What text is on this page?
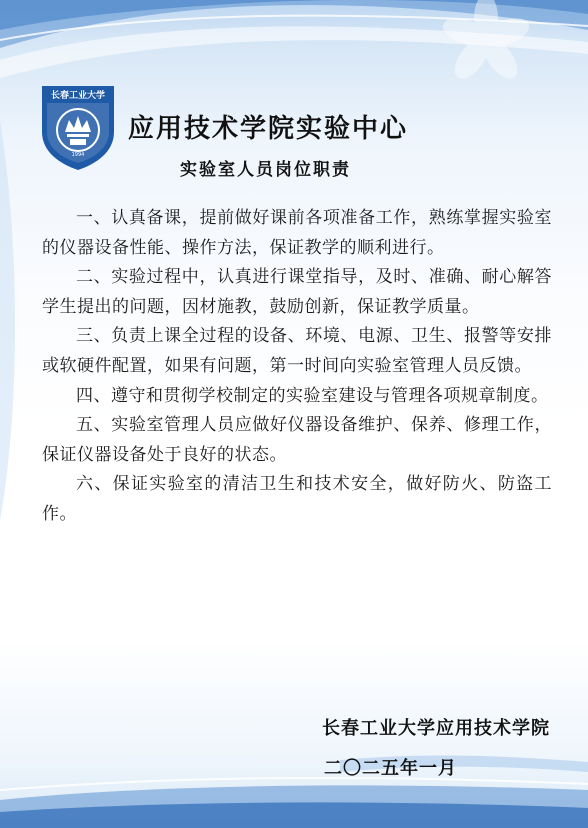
长春工业大学
1994
应用技术学院实验中心
实验室人员岗位职责

一、认真备课，提前做好课前各项准备工作，熟练掌握实验室的仪器设备性能、操作方法，保证教学的顺利进行。

二、实验过程中，认真进行课堂指导，及时、准确、耐心解答学生提出的问题，因材施教，鼓励创新，保证教学质量。

三、负责上课全过程的设备、环境、电源、卫生、报警等安排或软硬件配置，如果有问题，第一时间向实验室管理人员反馈。

四、遵守和贯彻学校制定的实验室建设与管理各项规章制度。

五、实验室管理人员应做好仪器设备维护、保养、修理工作，保证仪器设备处于良好的状态。

六、保证实验室的清洁卫生和技术安全，做好防火、防盗工作。

长春工业大学应用技术学院
二〇二五年一月
